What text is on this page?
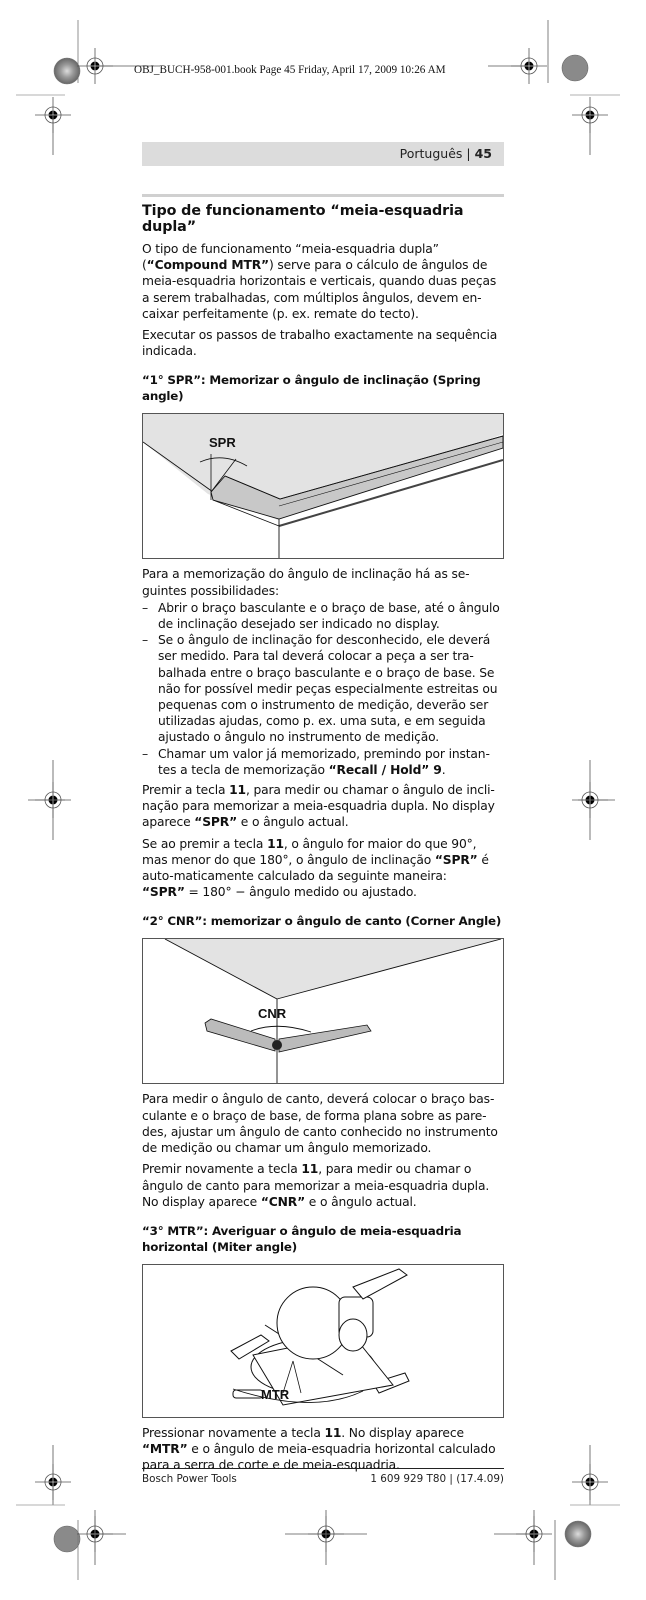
OBJ_BUCH-958-001.book Page 45 Friday, April 17, 2009 10:26 AM
Português | 45
Tipo de funcionamento “meia-esquadria dupla”

O tipo de funcionamento “meia-esquadria dupla” (“Compound MTR”) serve para o cálculo de ângulos de meia-esquadria horizontais e verticais, quando duas peças a serem trabalhadas, com múltiplos ângulos, devem en-caixar perfeitamente (p. ex. remate do tecto).

Executar os passos de trabalho exactamente na sequência indicada.

“1° SPR”: Memorizar o ângulo de inclinação (Spring angle)
SPR

Para a memorização do ângulo de inclinação há as se-guintes possibilidades:

– Abrir o braço basculante e o braço de base, até o ângulo de inclinação desejado ser indicado no display.
– Se o ângulo de inclinação for desconhecido, ele deverá ser medido. Para tal deverá colocar a peça a ser tra-balhada entre o braço basculante e o braço de base. Se não for possível medir peças especialmente estreitas ou pequenas com o instrumento de medição, deverão ser utilizadas ajudas, como p. ex. uma suta, e em seguida ajustado o ângulo no instrumento de medição.
– Chamar um valor já memorizado, premindo por instan-tes a tecla de memorização “Recall / Hold” 9.

Premir a tecla 11, para medir ou chamar o ângulo de incli-nação para memorizar a meia-esquadria dupla. No display aparece “SPR” e o ângulo actual.

Se ao premir a tecla 11, o ângulo for maior do que 90°, mas menor do que 180°, o ângulo de inclinação “SPR” é auto-maticamente calculado da seguinte maneira:

“SPR” = 180° − ângulo medido ou ajustado.

“2° CNR”: memorizar o ângulo de canto (Corner Angle)
CNR

Para medir o ângulo de canto, deverá colocar o braço bas-culante e o braço de base, de forma plana sobre as pare-des, ajustar um ângulo de canto conhecido no instrumento de medição ou chamar um ângulo memorizado.

Premir novamente a tecla 11, para medir ou chamar o ângulo de canto para memorizar a meia-esquadria dupla. No display aparece “CNR” e o ângulo actual.

“3° MTR”: Averiguar o ângulo de meia-esquadria horizontal (Miter angle)
MTR

Pressionar novamente a tecla 11. No display aparece “MTR” e o ângulo de meia-esquadria horizontal calculado para a serra de corte e de meia-esquadria.

Bosch Power Tools	1 609 929 T80 | (17.4.09)
